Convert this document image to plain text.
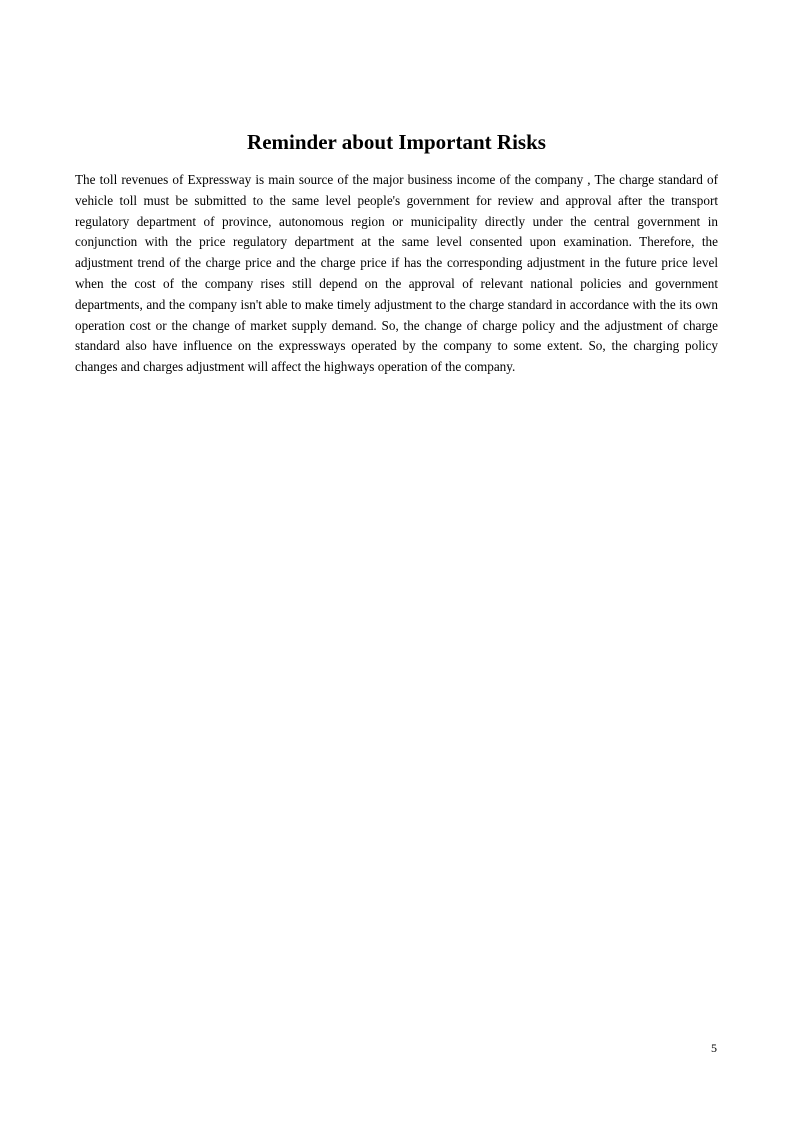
Reminder about Important Risks

The toll revenues of Expressway is main source of the major business income of the company , The charge standard of vehicle toll must be submitted to the same level people's government for review and approval after the transport regulatory department of province, autonomous region or municipality directly under the central government in conjunction with the price regulatory department at the same level consented upon examination. Therefore, the adjustment trend of the charge price and the charge price if has the corresponding adjustment in the future price level when the cost of the company rises still depend on the approval of relevant national policies and government departments, and the company isn't able to make timely adjustment to the charge standard in accordance with the its own operation cost or the change of market supply demand. So, the change of charge policy and the adjustment of charge standard also have influence on the expressways operated by the company to some extent. So, the charging policy changes and charges adjustment will affect the highways operation of the company.

5
